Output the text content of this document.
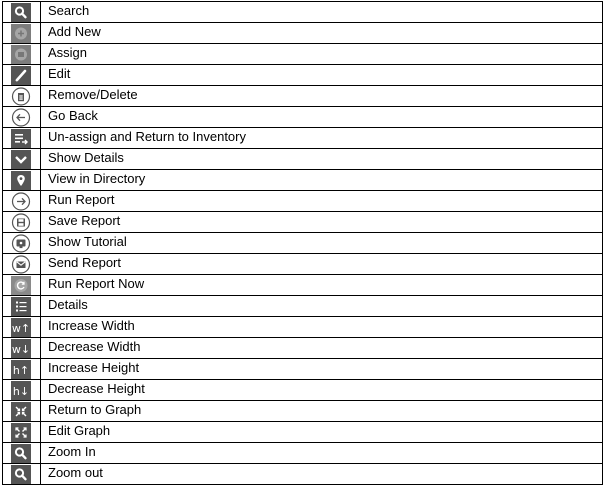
	Search

	Add New

	Assign

	Edit

	Remove/Delete

	Go Back

	Un-assign and Return to Inventory

	Show Details

	View in Directory

	Run Report

	Save Report

	Show Tutorial

	Send Report

	Run Report Now

	Details

w↑	Increase Width

w↓	Decrease Width

h↑	Increase Height

h↓	Decrease Height

	Return to Graph

	Edit Graph

	Zoom In

	Zoom out
